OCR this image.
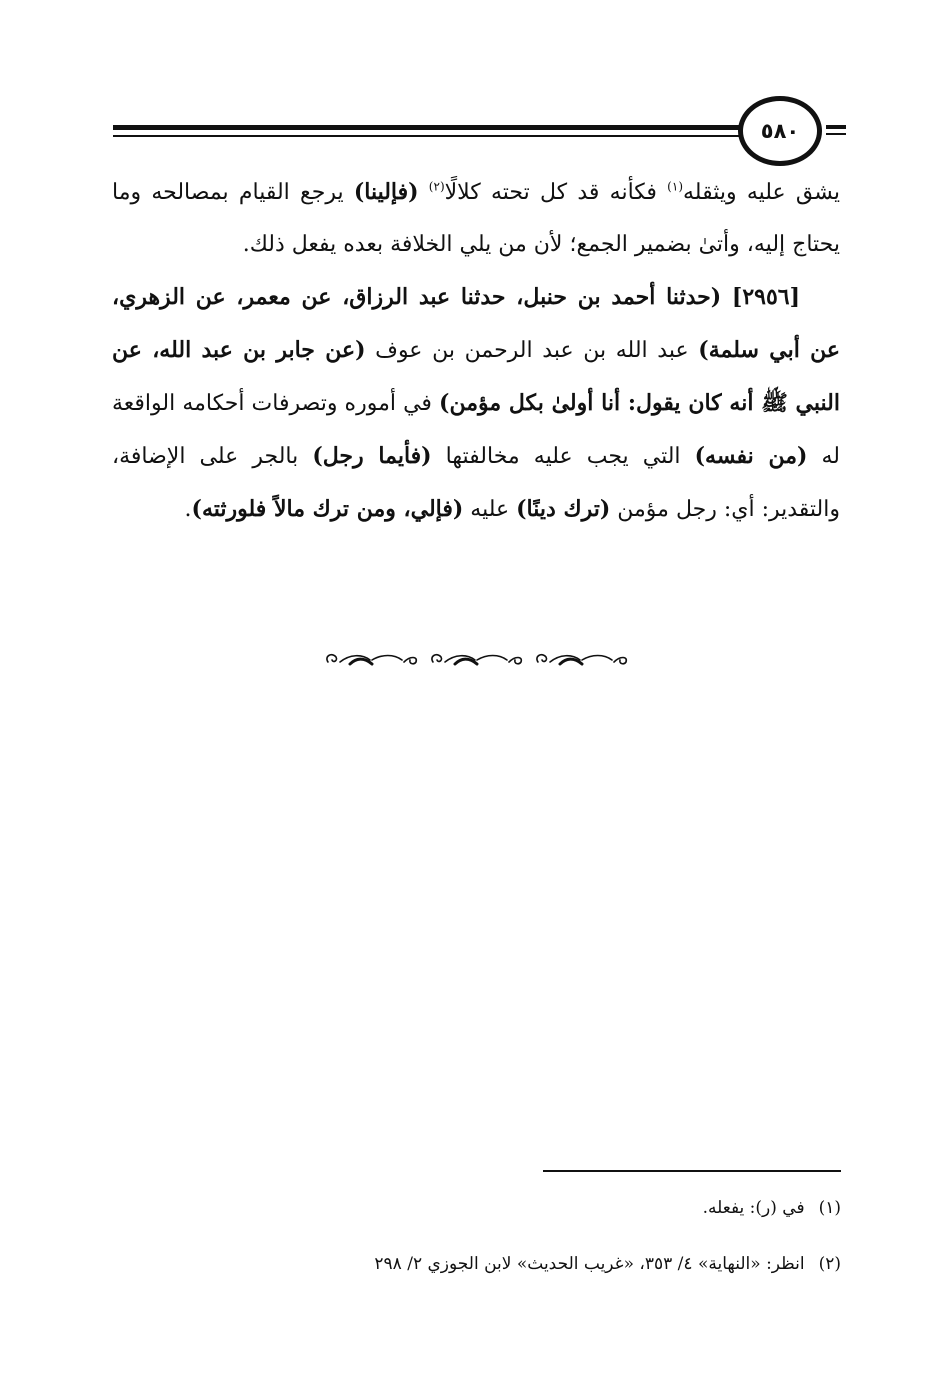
٥٨٠

يشق عليه ويثقله$^{(١)}$ فكأنه قد كل تحته كلالًا$^{(٢)}$ (فإلينا) يرجع القيام بمصالحه وما يحتاج إليه، وأتىٰ بضمير الجمع؛ لأن من يلي الخلافة بعده يفعل ذلك.

[٢٩٥٦] (حدثنا أحمد بن حنبل، حدثنا عبد الرزاق، عن معمر، عن الزهري، عن أبي سلمة) عبد الله بن عبد الرحمن بن عوف (عن جابر بن عبد الله، عن النبي ﷺ أنه كان يقول: أنا أولىٰ بكل مؤمن) في أموره وتصرفات أحكامه الواقعة له (من نفسه) التي يجب عليه مخالفتها (فأيما رجل) بالجر على الإضافة، والتقدير: أي: رجل مؤمن (ترك دينًا) عليه (فإلي، ومن ترك مالاً فلورثته).

(١)في (ر): يفعله.

(٢)انظر: «النهاية» ٤/ ٣٥٣، «غريب الحديث» لابن الجوزي ٢/ ٢٩٨
